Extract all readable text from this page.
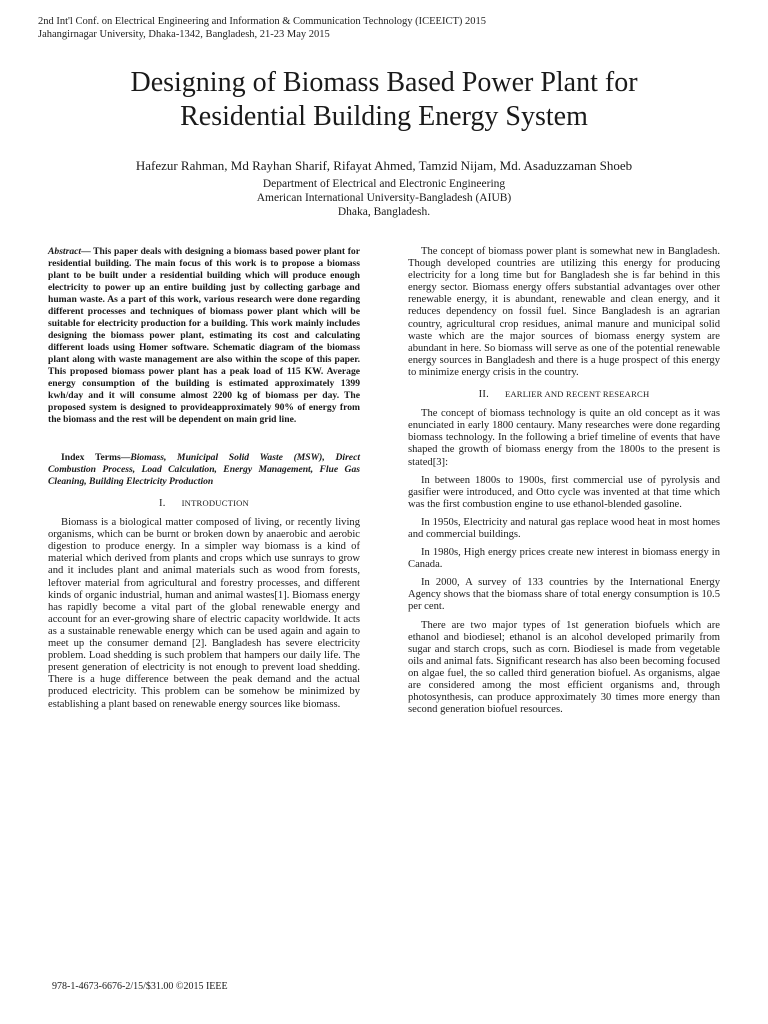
2nd Int'l Conf. on Electrical Engineering and Information & Communication Technology (ICEEICT) 2015
Jahangirnagar University, Dhaka-1342, Bangladesh, 21-23 May 2015
Designing of Biomass Based Power Plant for
Residential Building Energy System
Hafezur Rahman, Md Rayhan Sharif, Rifayat Ahmed, Tamzid Nijam, Md. Asaduzzaman Shoeb
Department of Electrical and Electronic Engineering
American International University-Bangladesh (AIUB)
Dhaka, Bangladesh.

Abstract— This paper deals with designing a biomass based power plant for residential building. The main focus of this work is to propose a biomass plant to be built under a residential building which will produce enough electricity to power up an entire building just by collecting garbage and human waste. As a part of this work, various research were done regarding different processes and techniques of biomass power plant which will be suitable for electricity production for a building. This work mainly includes designing the biomass power plant, estimating its cost and calculating different loads using Homer software. Schematic diagram of the biomass plant along with waste management are also within the scope of this paper. This proposed biomass power plant has a peak load of 115 KW. Average energy consumption of the building is estimated approximately 1399 kwh/day and it will consume almost 2200 kg of biomass per day. The proposed system is designed to provideapproximately 90% of energy from the biomass and the rest will be dependent on main grid line.

Index Terms—Biomass, Municipal Solid Waste (MSW), Direct Combustion Process, Load Calculation, Energy Management, Flue Gas Cleaning, Building Electricity Production

I. INTRODUCTION

Biomass is a biological matter composed of living, or recently living organisms, which can be burnt or broken down by anaerobic and aerobic digestion to produce energy. In a simpler way biomass is a kind of material which derived from plants and crops which use sunrays to grow and it includes plant and animal materials such as wood from forests, leftover material from agricultural and forestry processes, and different kinds of organic industrial, human and animal wastes[1]. Biomass energy has rapidly become a vital part of the global renewable energy and account for an ever-growing share of electric capacity worldwide. It acts as a sustainable renewable energy which can be used again and again to meet up the consumer demand [2]. Bangladesh has severe electricity problem. Load shedding is such problem that hampers our daily life. The present generation of electricity is not enough to prevent load shedding. There is a huge difference between the peak demand and the actual produced electricity. This problem can be somehow be minimized by establishing a plant based on renewable energy sources like biomass.

The concept of biomass power plant is somewhat new in Bangladesh. Though developed countries are utilizing this energy for producing electricity for a long time but for Bangladesh she is far behind in this energy sector. Biomass energy offers substantial advantages over other renewable energy, it is abundant, renewable and clean energy, and it reduces dependency on fossil fuel. Since Bangladesh is an agrarian country, agricultural crop residues, animal manure and municipal solid waste which are the major sources of biomass energy system are abundant in here. So biomass will serve as one of the potential renewable energy sources in Bangladesh and there is a huge prospect of this energy to minimize energy crisis in the country.

II. EARLIER AND RECENT RESEARCH

The concept of biomass technology is quite an old concept as it was enunciated in early 1800 centaury. Many researches were done regarding biomass technology. In the following a brief timeline of events that have shaped the growth of biomass energy from the 1800s to the present is stated[3]:

In between 1800s to 1900s, first commercial use of pyrolysis and gasifier were introduced, and Otto cycle was invented at that time which was the first combustion engine to use ethanol-blended gasoline.

In 1950s, Electricity and natural gas replace wood heat in most homes and commercial buildings.

In 1980s, High energy prices create new interest in biomass energy in Canada.

In 2000, A survey of 133 countries by the International Energy Agency shows that the biomass share of total energy consumption is 10.5 per cent.

There are two major types of 1st generation biofuels which are ethanol and biodiesel; ethanol is an alcohol developed primarily from sugar and starch crops, such as corn. Biodiesel is made from vegetable oils and animal fats. Significant research has also been becoming focused on algae fuel, the so called third generation biofuel. As organisms, algae are considered among the most efficient organisms and, through photosynthesis, can produce approximately 30 times more energy than second generation biofuel resources.

978-1-4673-6676-2/15/$31.00 ©2015 IEEE
